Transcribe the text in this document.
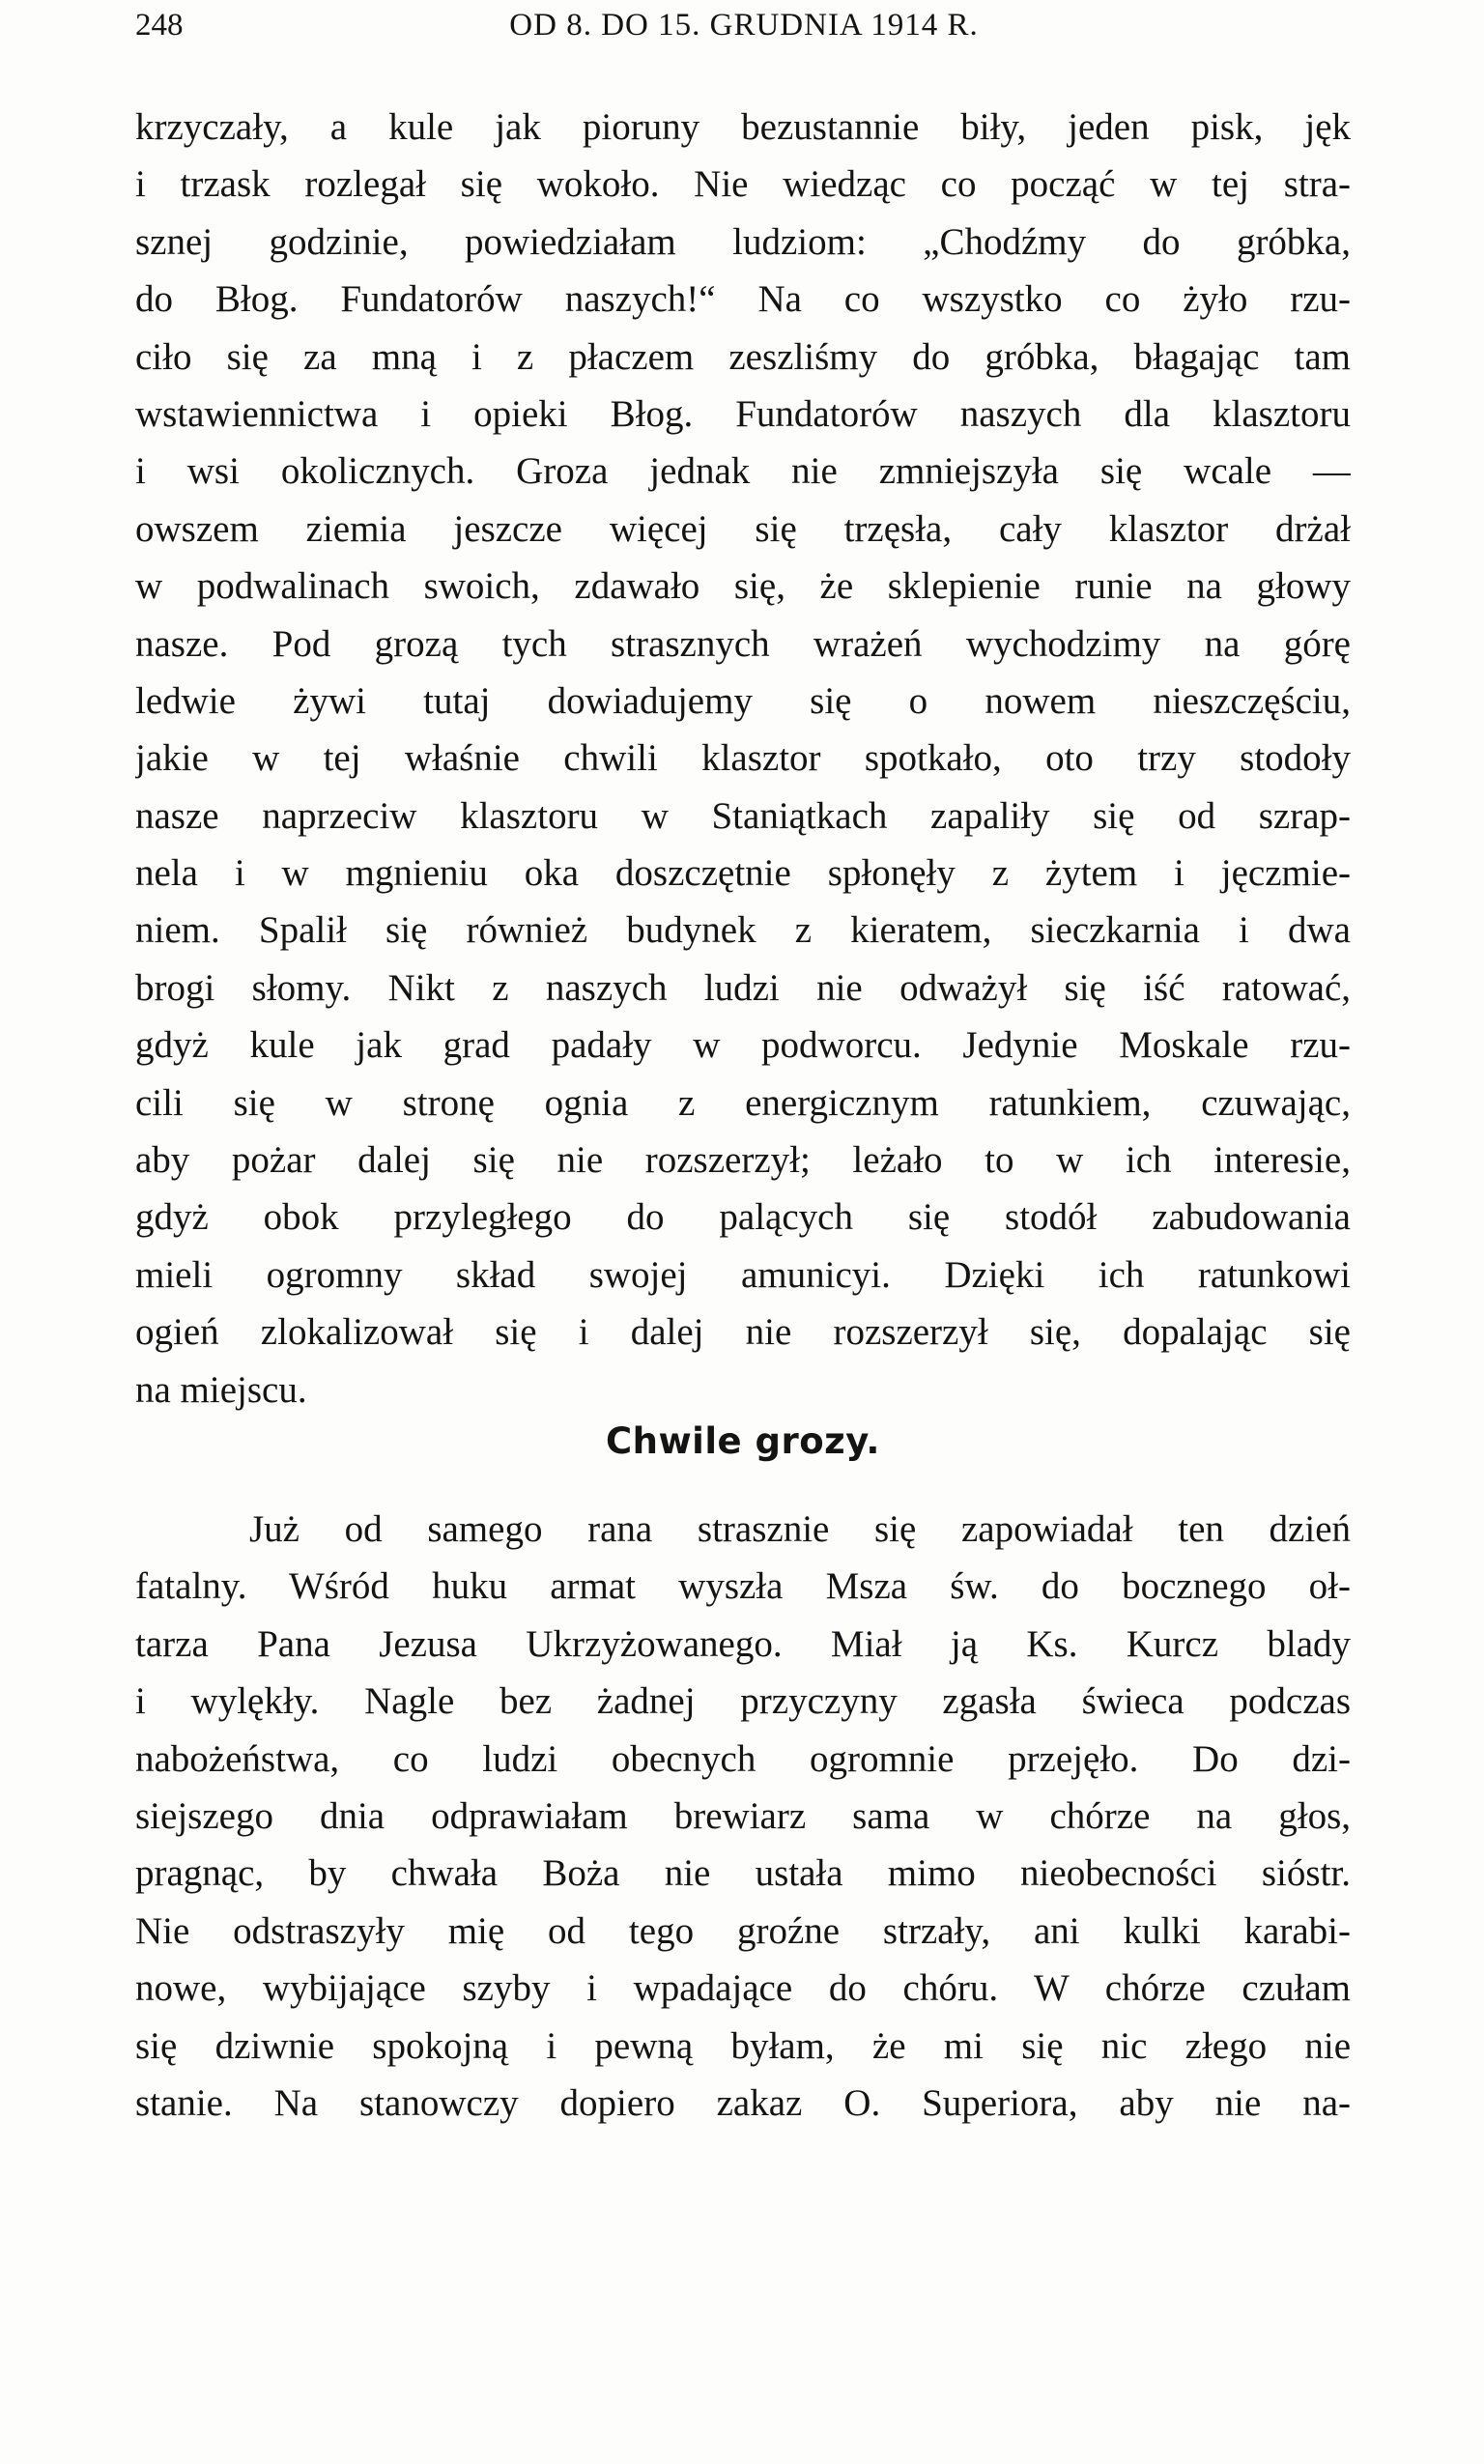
248	OD 8. DO 15. GRUDNIA 1914 R.
krzyczały, a kule jak pioruny bezustannie biły, jeden pisk, jęk
i trzask rozlegał się wokoło. Nie wiedząc co począć w tej stra-
sznej godzinie, powiedziałam ludziom: „Chodźmy do gróbka,
do Błog. Fundatorów naszych!“ Na co wszystko co żyło rzu-
ciło się za mną i z płaczem zeszliśmy do gróbka, błagając tam
wstawiennictwa i opieki Błog. Fundatorów naszych dla klasztoru
i wsi okolicznych. Groza jednak nie zmniejszyła się wcale —
owszem ziemia jeszcze więcej się trzęsła, cały klasztor drżał
w podwalinach swoich, zdawało się, że sklepienie runie na głowy
nasze. Pod grozą tych strasznych wrażeń wychodzimy na górę
ledwie żywi tutaj dowiadujemy się o nowem nieszczęściu,
jakie w tej właśnie chwili klasztor spotkało, oto trzy stodoły
nasze naprzeciw klasztoru w Staniątkach zapaliły się od szrap-
nela i w mgnieniu oka doszczętnie spłonęły z żytem i jęczmie-
niem. Spalił się również budynek z kieratem, sieczkarnia i dwa
brogi słomy. Nikt z naszych ludzi nie odważył się iść ratować,
gdyż kule jak grad padały w podworcu. Jedynie Moskale rzu-
cili się w stronę ognia z energicznym ratunkiem, czuwając,
aby pożar dalej się nie rozszerzył; leżało to w ich interesie,
gdyż obok przyległego do palących się stodół zabudowania
mieli ogromny skład swojej amunicyi. Dzięki ich ratunkowi
ogień zlokalizował się i dalej nie rozszerzył się, dopalając się
na miejscu.
Chwile grozy.
Już od samego rana strasznie się zapowiadał ten dzień
fatalny. Wśród huku armat wyszła Msza św. do bocznego oł-
tarza Pana Jezusa Ukrzyżowanego. Miał ją Ks. Kurcz blady
i wylękły. Nagle bez żadnej przyczyny zgasła świeca podczas
nabożeństwa, co ludzi obecnych ogromnie przejęło. Do dzi-
siejszego dnia odprawiałam brewiarz sama w chórze na głos,
pragnąc, by chwała Boża nie ustała mimo nieobecności sióstr.
Nie odstraszyły mię od tego groźne strzały, ani kulki karabi-
nowe, wybijające szyby i wpadające do chóru. W chórze czułam
się dziwnie spokojną i pewną byłam, że mi się nic złego nie
stanie. Na stanowczy dopiero zakaz O. Superiora, aby nie na-
